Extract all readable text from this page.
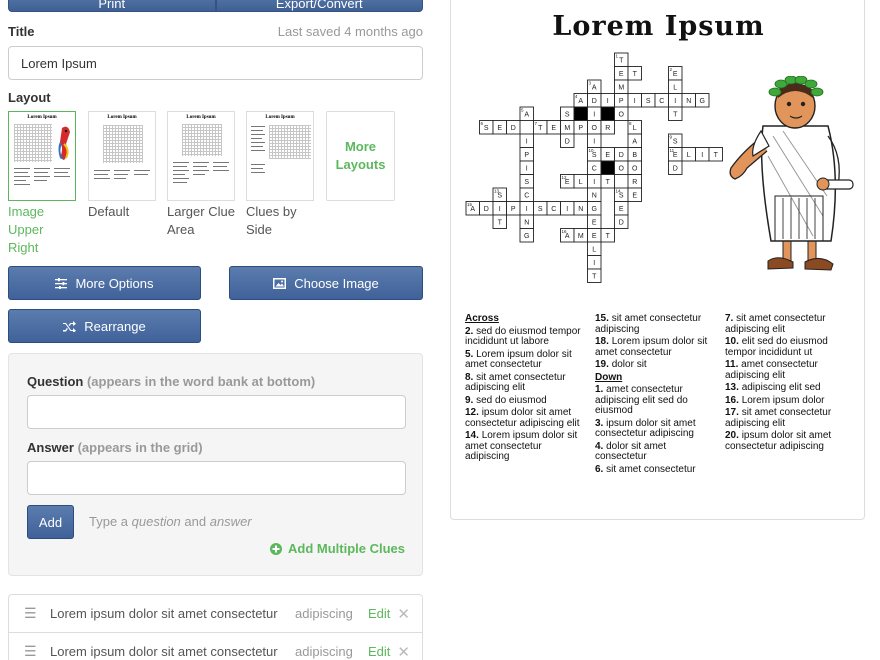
Print	Export/Convert
Title	Last saved 4 months ago
Lorem Ipsum
Layout
Lorem Ipsum
Image Upper Right
Lorem Ipsum
Default
Lorem Ipsum
Larger Clue Area
Lorem Ipsum
Clues by Side
More Layouts
More Options	Choose Image
Rearrange
Question (appears in the word bank at bottom)
Answer (appears in the grid)
Add	Type a question and answer
Add Multiple Clues
☰	Lorem ipsum dolor sit amet consectetur	adipiscing	Edit ✕
☰	Lorem ipsum dolor sit amet consectetur	adipiscing	Edit ✕
Lorem Ipsum
T
1
E T	E
2
A
3
M	L
A
4
D I P I S C I N G
A
5
S	I	O	T
S
6
E D	T
7
E M P O R	L
8
I	D	I	A	S
9
P	S
10
E D B	E
11
L I T
I	C	O O	D
S	E
12
L I T	R
S
13
C	N	S
14
E
A
15
D I P I S C I N G	E
T	N	E	D
G	A
16
M E T
L
I
T
Across
2. sed do eiusmod tempor incididunt ut labore
5. Lorem ipsum dolor sit amet consectetur
8. sit amet consectetur adipiscing elit
9. sed do eiusmod
12. ipsum dolor sit amet consectetur adipiscing elit
14. Lorem ipsum dolor sit amet consectetur adipiscing
15. sit amet consectetur adipiscing
18. Lorem ipsum dolor sit amet consectetur
19. dolor sit
Down
1. amet consectetur adipiscing elit sed do eiusmod
3. ipsum dolor sit amet consectetur adipiscing
4. dolor sit amet consectetur
6. sit amet consectetur
7. sit amet consectetur adipiscing elit
10. elit sed do eiusmod tempor incididunt ut
11. amet consectetur adipiscing elit
13. adipiscing elit sed
16. Lorem ipsum dolor
17. sit amet consectetur adipiscing elit
20. ipsum dolor sit amet consectetur adipiscing
